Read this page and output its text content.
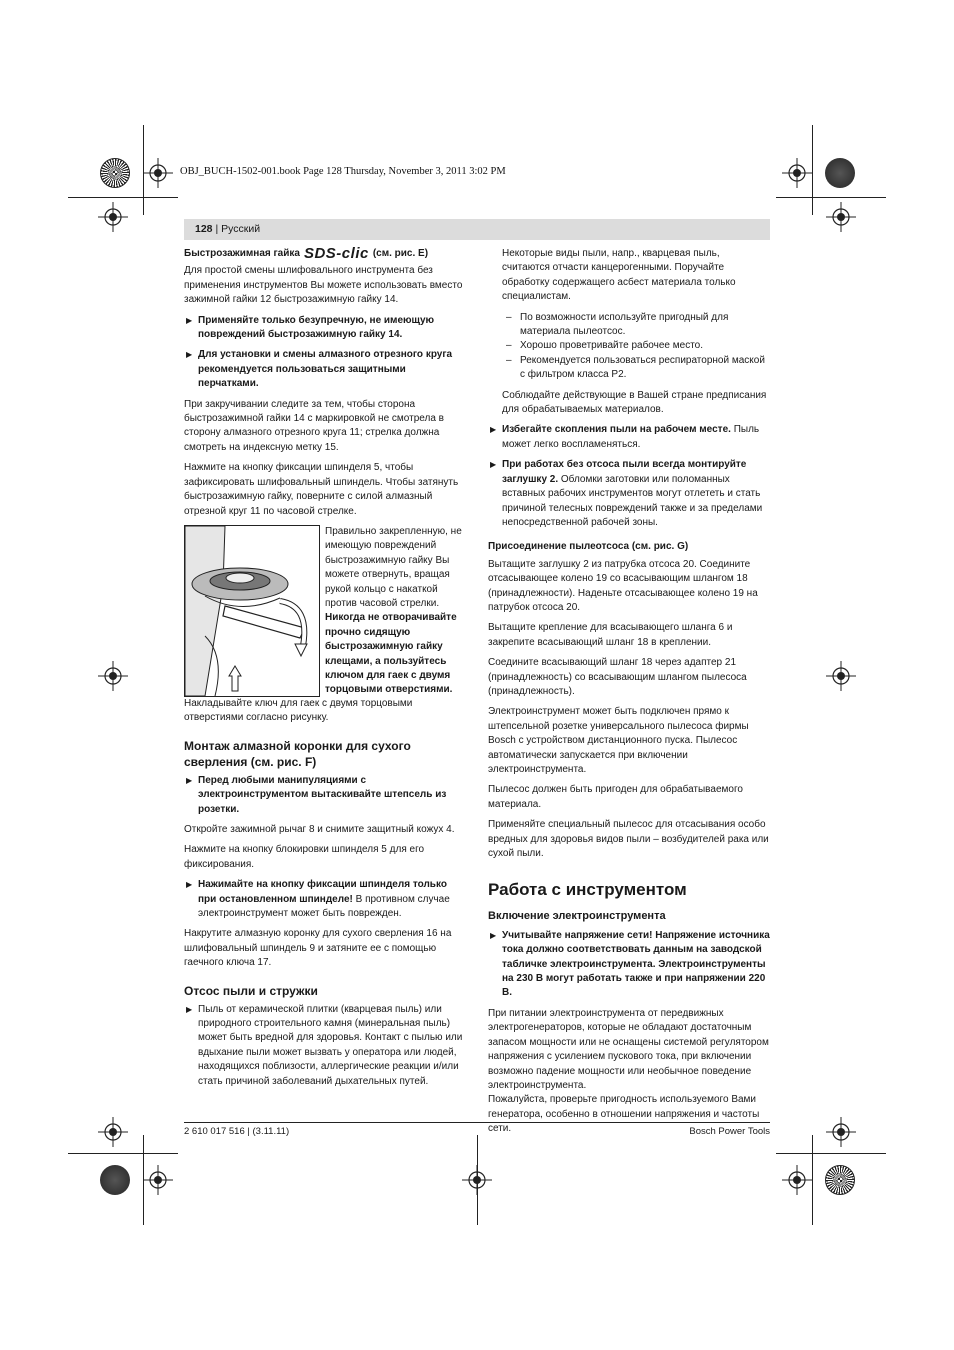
OBJ_BUCH-1502-001.book Page 128 Thursday, November 3, 2011 3:02 PM
128 | Русский
Быстрозажимная гайка SDS-clic (см. рис. E)

Для простой смены шлифовального инструмента без применения инструментов Вы можете использовать вместо зажимной гайки 12 быстрозажимную гайку 14.

▶ Применяйте только безупречную, не имеющую повреждений быстрозажимную гайку 14.
▶ Для установки и смены алмазного отрезного круга рекомендуется пользоваться защитными перчатками.

При закручивании следите за тем, чтобы сторона быстрозажимной гайки 14 с маркировкой не смотрела в сторону алмазного отрезного круга 11; стрелка должна смотреть на индексную метку 15.

Нажмите на кнопку фиксации шпинделя 5, чтобы зафиксировать шлифовальный шпиндель. Чтобы затянуть быстрозажимную гайку, поверните с силой алмазный отрезной круг 11 по часовой стрелке.

Правильно закрепленную, не имеющую повреждений быстрозажимную гайку Вы можете отвернуть, вращая рукой кольцо с накаткой против часовой стрелки. Никогда не отворачивайте прочно сидящую быстрозажимную гайку клещами, а пользуйтесь ключом для гаек с двумя торцовыми отверстиями.

Накладывайте ключ для гаек с двумя торцовыми отверстиями согласно рисунку.

Монтаж алмазной коронки для сухого сверления (см. рис. F)
▶ Перед любыми манипуляциями с электроинструментом вытаскивайте штепсель из розетки.

Откройте зажимной рычаг 8 и снимите защитный кожух 4.

Нажмите на кнопку блокировки шпинделя 5 для его фиксирования.

▶ Нажимайте на кнопку фиксации шпинделя только при остановленном шпинделе! В противном случае электроинструмент может быть поврежден.

Накрутите алмазную коронку для сухого сверления 16 на шлифовальный шпиндель 9 и затяните ее с помощью гаечного ключа 17.

Отсос пыли и стружки
▶ Пыль от керамической плитки (кварцевая пыль) или природного строительного камня (минеральная пыль) может быть вредной для здоровья. Контакт с пылью или вдыхание пыли может вызвать у оператора или людей, находящихся поблизости, аллергические реакции и/или стать причиной заболеваний дыхательных путей.

Некоторые виды пыли, напр., кварцевая пыль, считаются отчасти канцерогенными. Поручайте обработку содержащего асбест материала только специалистам.

– По возможности используйте пригодный для материала пылеотсос.
– Хорошо проветривайте рабочее место.
– Рекомендуется пользоваться респираторной маской с фильтром класса P2.

Соблюдайте действующие в Вашей стране предписания для обрабатываемых материалов.

▶ Избегайте скопления пыли на рабочем месте. Пыль может легко воспламеняться.
▶ При работах без отсоса пыли всегда монтируйте заглушку 2. Обломки заготовки или поломанных вставных рабочих инструментов могут отлететь и стать причиной телесных повреждений также и за пределами непосредственной рабочей зоны.
Присоединение пылеотсоса (см. рис. G)

Вытащите заглушку 2 из патрубка отсоса 20. Соедините отсасывающее колено 19 со всасывающим шлангом 18 (принадлежности). Наденьте отсасывающее колено 19 на патрубок отсоса 20.

Вытащите крепление для всасывающего шланга 6 и закрепите всасывающий шланг 18 в креплении.

Соедините всасывающий шланг 18 через адаптер 21 (принадлежность) со всасывающим шлангом пылесоса (принадлежность).

Электроинструмент может быть подключен прямо к штепсельной розетке универсального пылесоса фирмы Bosch с устройством дистанционного пуска. Пылесос автоматически запускается при включении электроинструмента.

Пылесос должен быть пригоден для обрабатываемого материала.

Применяйте специальный пылесос для отсасывания особо вредных для здоровья видов пыли – возбудителей рака или сухой пыли.

Работа с инструментом
Включение электроинструмента
▶ Учитывайте напряжение сети! Напряжение источника тока должно соответствовать данным на заводской табличке электроинструмента. Электроинструменты на 230 В могут работать также и при напряжении 220 В.

При питании электроинструмента от передвижных электрогенераторов, которые не обладают достаточным запасом мощности или не оснащены системой регулятором напряжения с усилением пускового тока, при включении возможно падение мощности или необычное поведение электроинструмента.

Пожалуйста, проверьте пригодность используемого Вами генератора, особенно в отношении напряжения и частоты сети.

2 610 017 516 | (3.11.11)	Bosch Power Tools
